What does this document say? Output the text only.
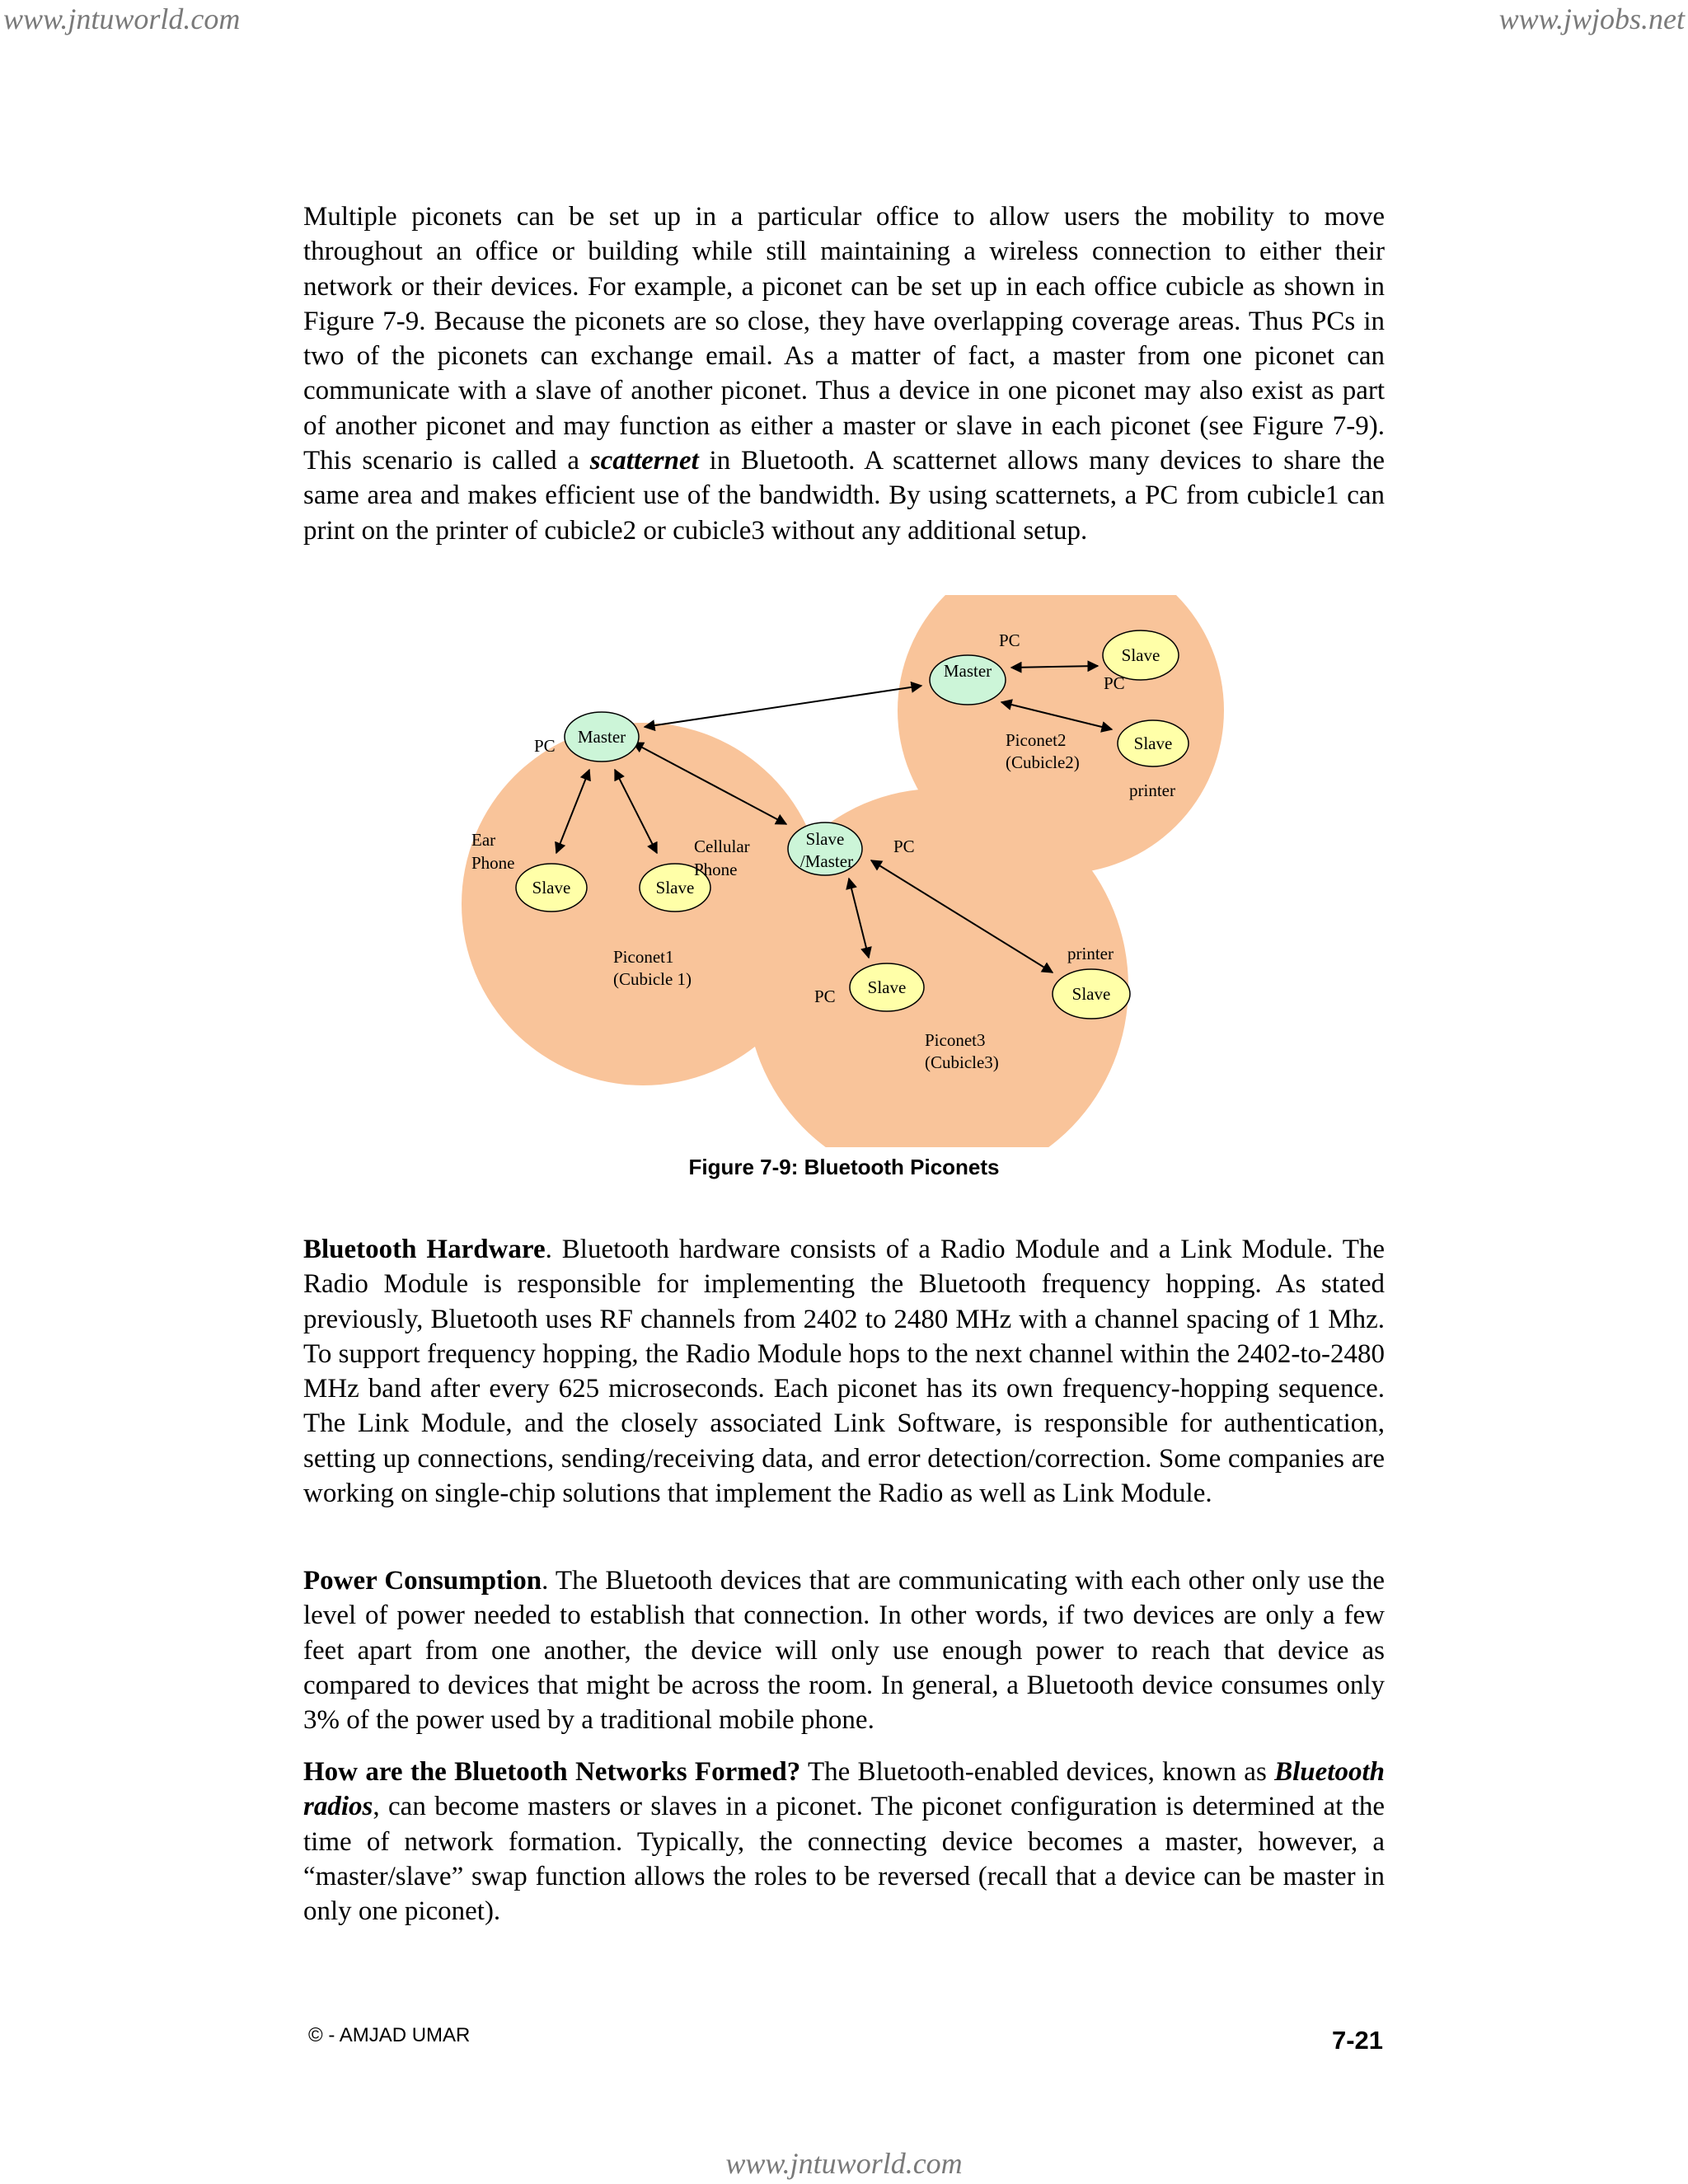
www.jntuworld.com	www.jwjobs.net

Multiple piconets can be set up in a particular office to allow users the mobility to move throughout an office or building while still maintaining a wireless connection to either their network or their devices. For example, a piconet can be set up in each office cubicle as shown in Figure 7-9. Because the piconets are so close, they have overlapping coverage areas. Thus PCs in two of the piconets can exchange email. As a matter of fact, a master from one piconet can communicate with a slave of another piconet. Thus a device in one piconet may also exist as part of another piconet and may function as either a master or slave in each piconet (see Figure 7-9). This scenario is called a scatternet in Bluetooth. A scatternet allows many devices to share the same area and makes efficient use of the bandwidth. By using scatternets, a PC from cubicle1 can print on the printer of cubicle2 or cubicle3 without any additional setup.

Master
Slave	Slave
Master
Slave
Slave
Slave
/Master
Slave	Slave
PC
Ear
Phone
Cellular
Phone
Piconet1
(Cubicle 1)
PC
PC
Piconet2
(Cubicle2)
printer
PC
PC
printer
Piconet3
(Cubicle3)
Figure 7-9: Bluetooth Piconets

Bluetooth Hardware. Bluetooth hardware consists of a Radio Module and a Link Module. The Radio Module is responsible for implementing the Bluetooth frequency hopping. As stated previously, Bluetooth uses RF channels from 2402 to 2480 MHz with a channel spacing of 1 Mhz. To support frequency hopping, the Radio Module hops to the next channel within the 2402-to-2480 MHz band after every 625 microseconds. Each piconet has its own frequency-hopping sequence. The Link Module, and the closely associated Link Software, is responsible for authentication, setting up connections, sending/receiving data, and error detection/correction. Some companies are working on single-chip solutions that implement the Radio as well as Link Module.

Power Consumption. The Bluetooth devices that are communicating with each other only use the level of power needed to establish that connection. In other words, if two devices are only a few feet apart from one another, the device will only use enough power to reach that device as compared to devices that might be across the room. In general, a Bluetooth device consumes only 3% of the power used by a traditional mobile phone.

How are the Bluetooth Networks Formed? The Bluetooth-enabled devices, known as Bluetooth radios, can become masters or slaves in a piconet. The piconet configuration is determined at the time of network formation. Typically, the connecting device becomes a master, however, a “master/slave” swap function allows the roles to be reversed (recall that a device can be master in only one piconet).

© - AMJAD UMAR	7-21
www.jntuworld.com
